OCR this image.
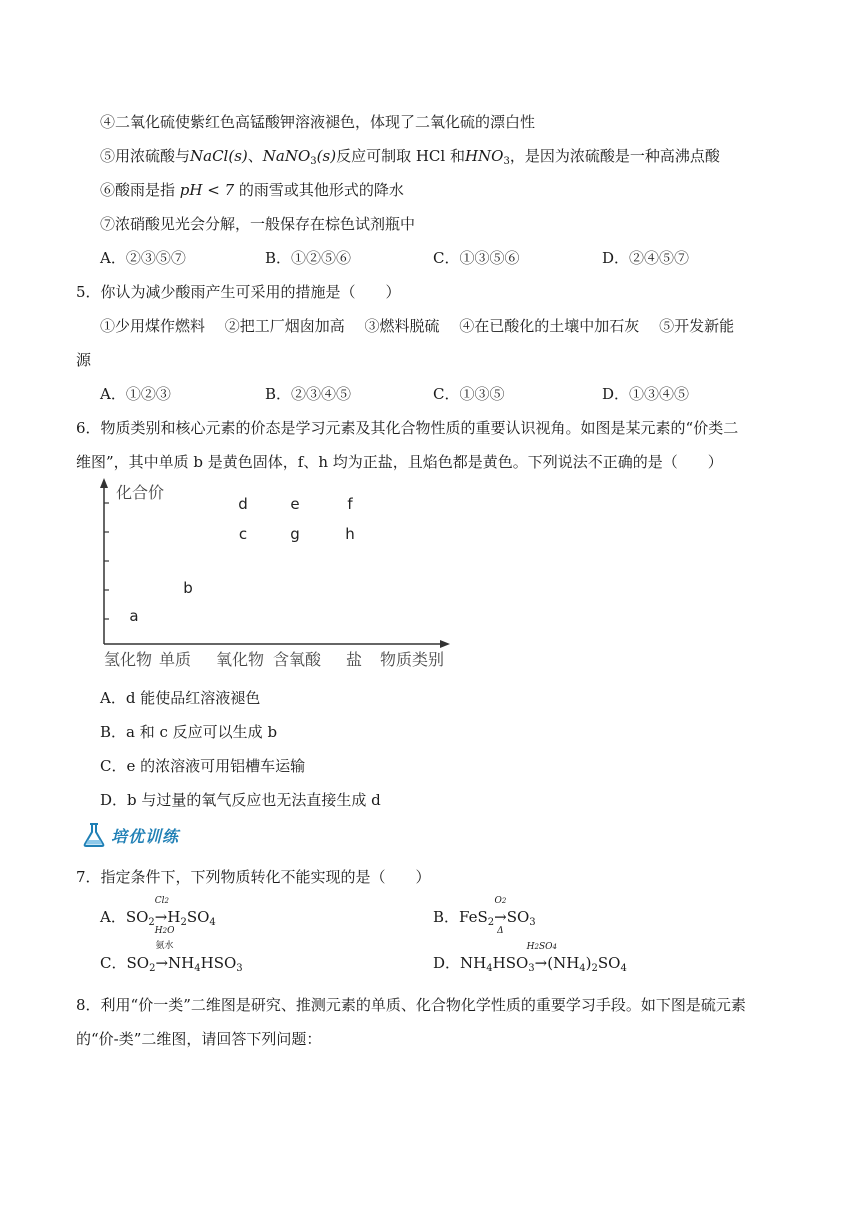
④二氧化硫使紫红色高锰酸钾溶液褪色，体现了二氧化硫的漂白性
⑤用浓硫酸与NaCl(s)、NaNO$_3$(s)反应可制取 HCl 和$HNO_3$，是因为浓硫酸是一种高沸点酸
⑥酸雨是指 pH < 7 的雨雪或其他形式的降水
⑦浓硝酸见光会分解，一般保存在棕色试剂瓶中
A．②③⑤⑦	B．①②⑤⑥	C．①③⑤⑥	D．②④⑤⑦
5．你认为减少酸雨产生可采用的措施是（　　）
①少用煤作燃料　 ②把工厂烟囱加高　 ③燃料脱硫　 ④在已酸化的土壤中加石灰　 ⑤开发新能
源
A．①②③	B．②③④⑤	C．①③⑤	D．①③④⑤
6．物质类别和核心元素的价态是学习元素及其化合物性质的重要认识视角。如图是某元素的“价类二
维图”，其中单质 b 是黄色固体，f、h 均为正盐，且焰色都是黄色。下列说法不正确的是（　　）
化合价
氢化物 单质 氧化物 含氧酸 盐 物质类别
a
b
c
d	e
g
f
h
A．d 能使品红溶液褪色
B．a 和 c 反应可以生成 b
C．e 的浓溶液可用铝槽车运输
D．b 与过量的氧气反应也无法直接生成 d
培优训练
7．指定条件下，下列物质转化不能实现的是（　　）
A．$SO_2$
Cl2
→
H2O
$H_2SO_4$	B．FeS$_2$
O2
→
Δ
$SO_3$
C．$SO_2$
氨水
$\to NH_4HSO_3$	D．$NH_4HSO_3$
H2SO4
$\to(NH_4)_2SO_4$
8．利用“价一类”二维图是研究、推测元素的单质、化合物化学性质的重要学习手段。如下图是硫元素
的“价-类”二维图，请回答下列问题：
